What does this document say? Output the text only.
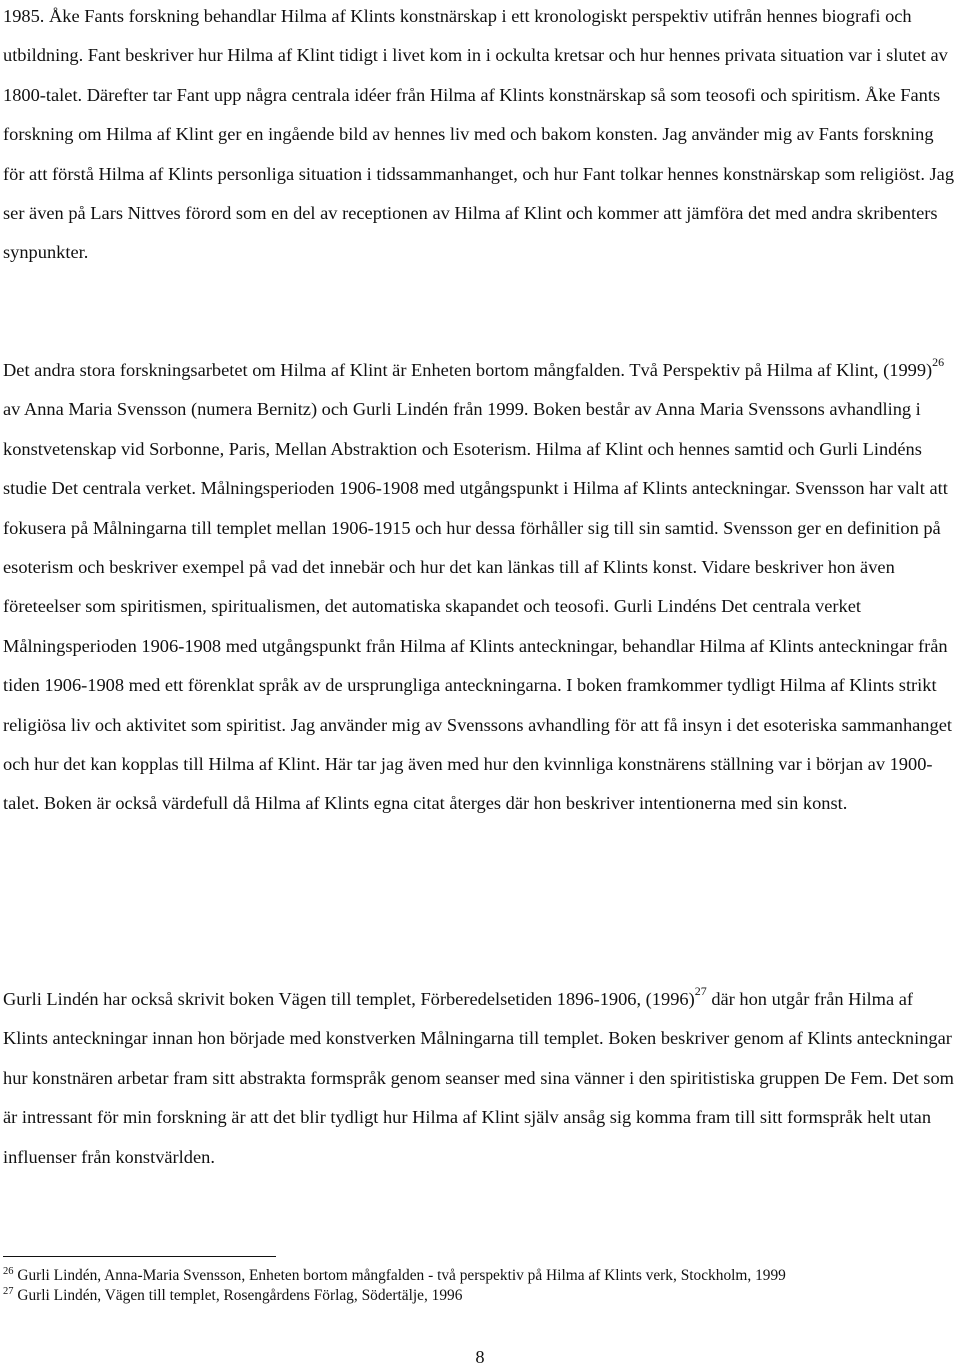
1985. Åke Fants forskning behandlar Hilma af Klints konstnärskap i ett kronologiskt perspektiv utifrån hennes biografi och utbildning. Fant beskriver hur Hilma af Klint tidigt i livet kom in i ockulta kretsar och hur hennes privata situation var i slutet av 1800-talet. Därefter tar Fant upp några centrala idéer från Hilma af Klints konstnärskap så som teosofi och spiritism. Åke Fants forskning om Hilma af Klint ger en ingående bild av hennes liv med och bakom konsten. Jag använder mig av Fants forskning för att förstå Hilma af Klints personliga situation i tidssammanhanget, och hur Fant tolkar hennes konstnärskap som religiöst. Jag ser även på Lars Nittves förord som en del av receptionen av Hilma af Klint och kommer att jämföra det med andra skribenters synpunkter.

Det andra stora forskningsarbetet om Hilma af Klint är Enheten bortom mångfalden. Två Perspektiv på Hilma af Klint, $(1999)^{26}$ av Anna Maria Svensson (numera Bernitz) och Gurli Lindén från 1999. Boken består av Anna Maria Svenssons avhandling i konstvetenskap vid Sorbonne, Paris, Mellan Abstraktion och Esoterism. Hilma af Klint och hennes samtid och Gurli Lindéns studie Det centrala verket. Målningsperioden 1906-1908 med utgångspunkt i Hilma af Klints anteckningar. Svensson har valt att fokusera på Målningarna till templet mellan 1906-1915 och hur dessa förhåller sig till sin samtid. Svensson ger en definition på esoterism och beskriver exempel på vad det innebär och hur det kan länkas till af Klints konst. Vidare beskriver hon även företeelser som spiritismen, spiritualismen, det automatiska skapandet och teosofi. Gurli Lindéns Det centrala verket Målningsperioden 1906-1908 med utgångspunkt från Hilma af Klints anteckningar, behandlar Hilma af Klints anteckningar från tiden 1906-1908 med ett förenklat språk av de ursprungliga anteckningarna. I boken framkommer tydligt Hilma af Klints strikt religiösa liv och aktivitet som spiritist. Jag använder mig av Svenssons avhandling för att få insyn i det esoteriska sammanhanget och hur det kan kopplas till Hilma af Klint. Här tar jag även med hur den kvinnliga konstnärens ställning var i början av 1900-talet. Boken är också värdefull då Hilma af Klints egna citat återges där hon beskriver intentionerna med sin konst.

Gurli Lindén har också skrivit boken Vägen till templet, Förberedelsetiden 1896-1906, $(1996)^{27}$ där hon utgår från Hilma af Klints anteckningar innan hon började med konstverken Målningarna till templet. Boken beskriver genom af Klints anteckningar hur konstnären arbetar fram sitt abstrakta formspråk genom seanser med sina vänner i den spiritistiska gruppen De Fem. Det som är intressant för min forskning är att det blir tydligt hur Hilma af Klint själv ansåg sig komma fram till sitt formspråk helt utan influenser från konstvärlden.

$^{26}$ Gurli Lindén, Anna-Maria Svensson, Enheten bortom mångfalden - två perspektiv på Hilma af Klints verk, Stockholm, 1999

$^{27}$ Gurli Lindén, Vägen till templet, Rosengårdens Förlag, Södertälje, 1996

8
